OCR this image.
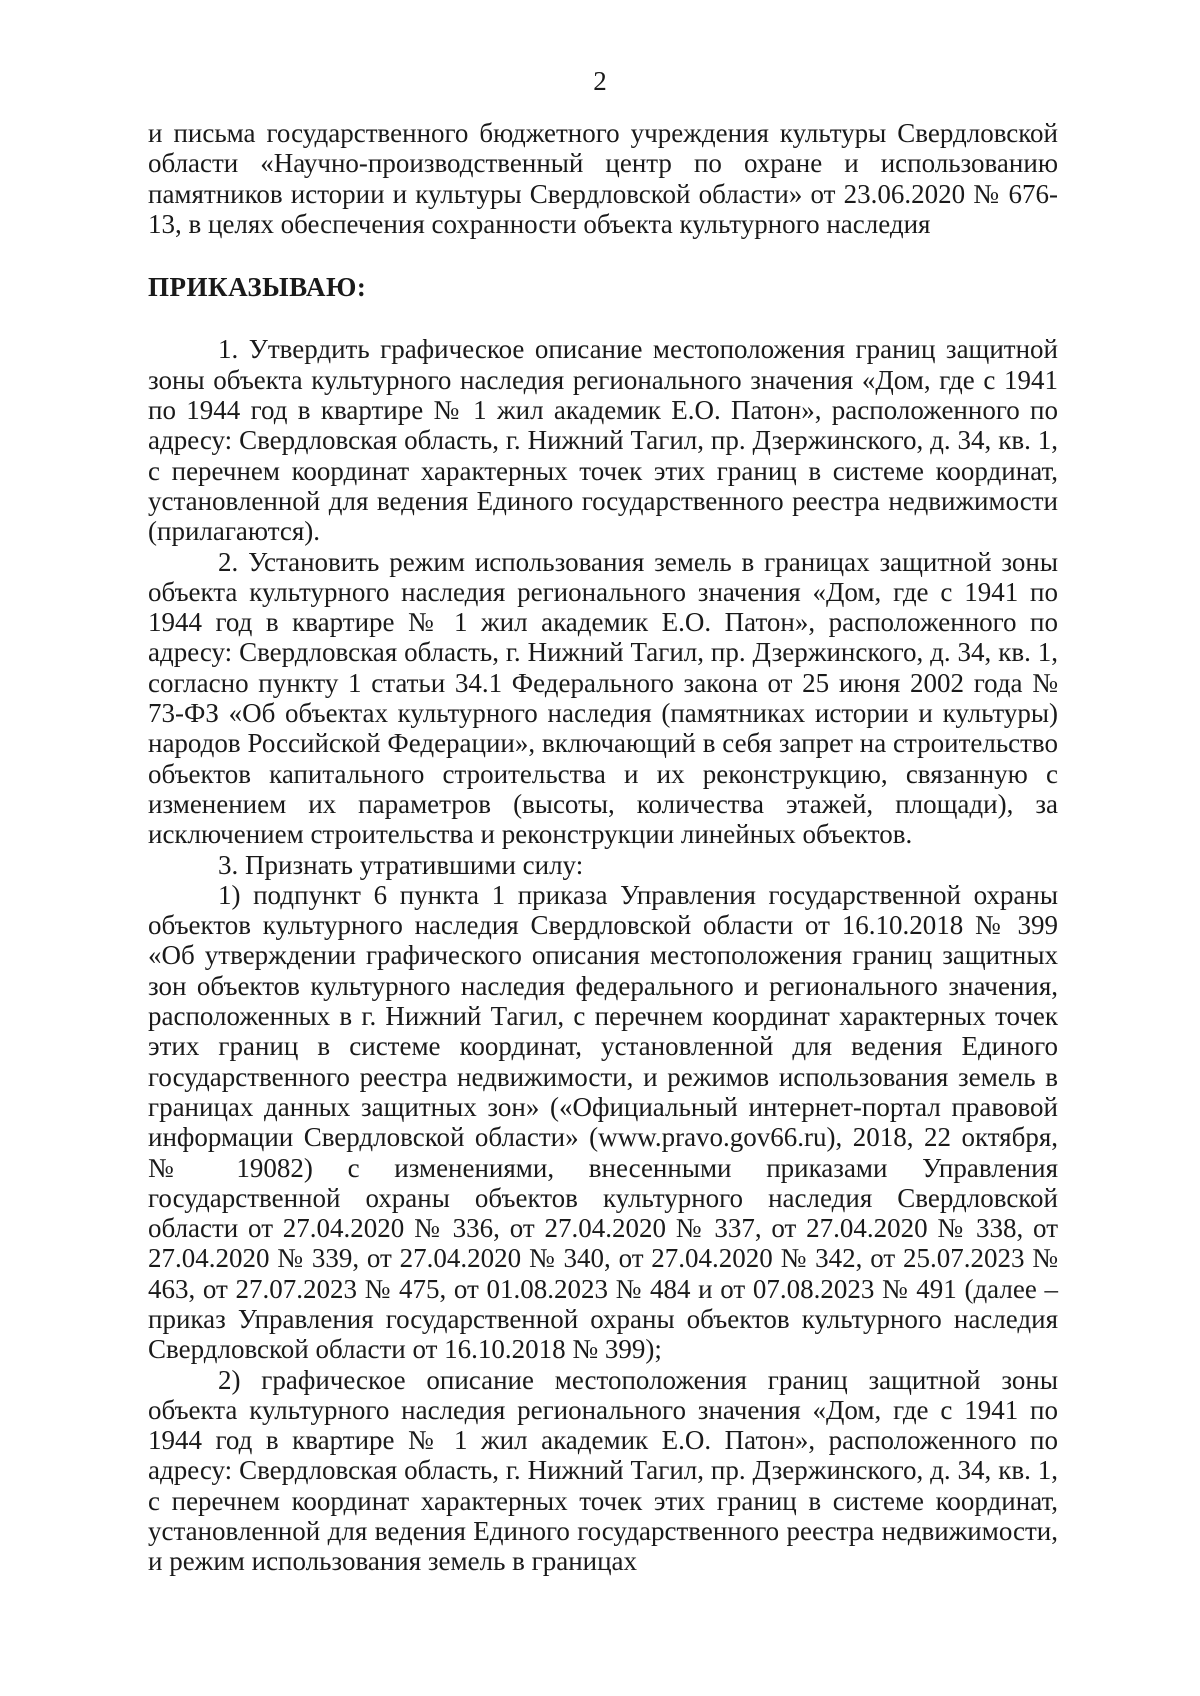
2

и письма государственного бюджетного учреждения культуры Свердловской области «Научно-производственный центр по охране и использованию памятников истории и культуры Свердловской области» от 23.06.2020 № 676-13, в целях обеспечения сохранности объекта культурного наследия

ПРИКАЗЫВАЮ:

1. Утвердить графическое описание местоположения границ защитной зоны объекта культурного наследия регионального значения «Дом, где с 1941 по 1944 год в квартире № 1 жил академик Е.О. Патон», расположенного по адресу: Свердловская область, г. Нижний Тагил, пр. Дзержинского, д. 34, кв. 1, с перечнем координат характерных точек этих границ в системе координат, установленной для ведения Единого государственного реестра недвижимости (прилагаются).

2. Установить режим использования земель в границах защитной зоны объекта культурного наследия регионального значения «Дом, где с 1941 по 1944 год в квартире № 1 жил академик Е.О. Патон», расположенного по адресу: Свердловская область, г. Нижний Тагил, пр. Дзержинского, д. 34, кв. 1, согласно пункту 1 статьи 34.1 Федерального закона от 25 июня 2002 года № 73-ФЗ «Об объектах культурного наследия (памятниках истории и культуры) народов Российской Федерации», включающий в себя запрет на строительство объектов капитального строительства и их реконструкцию, связанную с изменением их параметров (высоты, количества этажей, площади), за исключением строительства и реконструкции линейных объектов.

3. Признать утратившими силу:

1) подпункт 6 пункта 1 приказа Управления государственной охраны объектов культурного наследия Свердловской области от 16.10.2018 № 399 «Об утверждении графического описания местоположения границ защитных зон объектов культурного наследия федерального и регионального значения, расположенных в г. Нижний Тагил, с перечнем координат характерных точек этих границ в системе координат, установленной для ведения Единого государственного реестра недвижимости, и режимов использования земель в границах данных защитных зон» («Официальный интернет-портал правовой информации Свердловской области» (www.pravo.gov66.ru), 2018, 22 октября, № 19082) с изменениями, внесенными приказами Управления государственной охраны объектов культурного наследия Свердловской области от 27.04.2020 № 336, от 27.04.2020 № 337, от 27.04.2020 № 338, от 27.04.2020 № 339, от 27.04.2020 № 340, от 27.04.2020 № 342, от 25.07.2023 № 463, от 27.07.2023 № 475, от 01.08.2023 № 484 и от 07.08.2023 № 491 (далее – приказ Управления государственной охраны объектов культурного наследия Свердловской области от 16.10.2018 № 399);

2) графическое описание местоположения границ защитной зоны объекта культурного наследия регионального значения «Дом, где с 1941 по 1944 год в квартире № 1 жил академик Е.О. Патон», расположенного по адресу: Свердловская область, г. Нижний Тагил, пр. Дзержинского, д. 34, кв. 1, с перечнем координат характерных точек этих границ в системе координат, установленной для ведения Единого государственного реестра недвижимости, и режим использования земель в границах
